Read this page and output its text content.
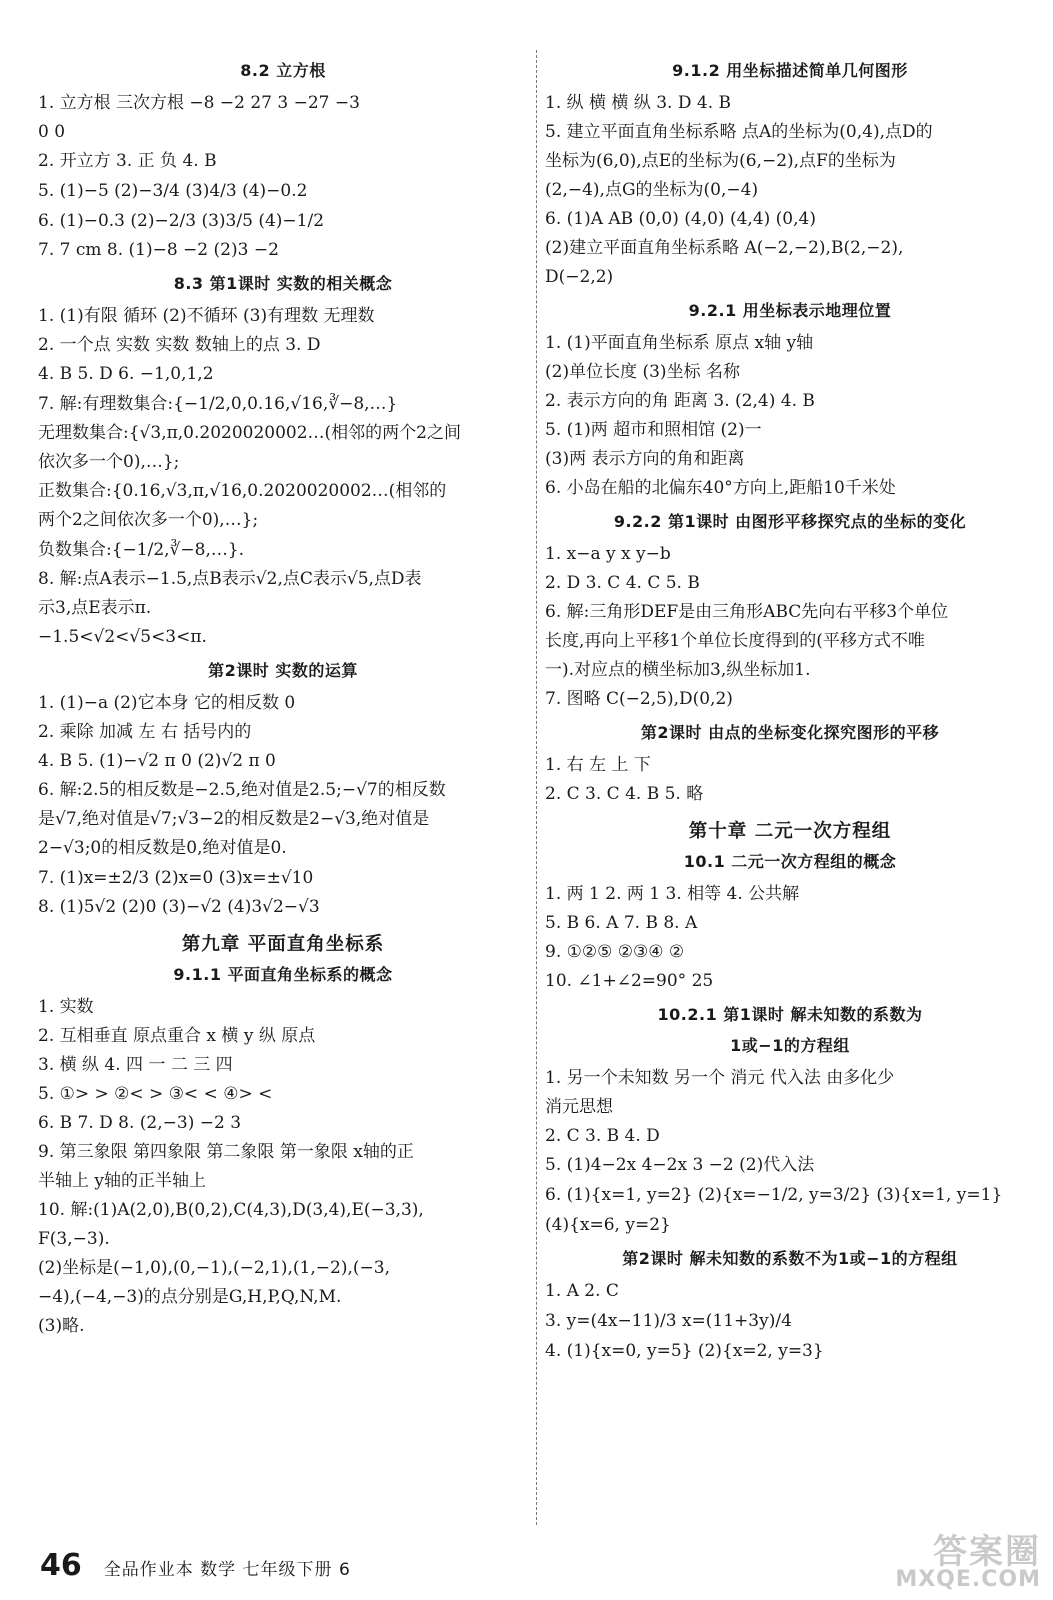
8.2 立方根
1. 立方根 三次方根 −8 −2 27 3 −27 −3
0 0
2. 开立方 3. 正 负 4. B
5. (1)−5 (2)−3/4 (3)4/3 (4)−0.2
6. (1)−0.3 (2)−2/3 (3)3/5 (4)−1/2
7. 7 cm 8. (1)−8 −2 (2)3 −2
8.3 第1课时 实数的相关概念
1. (1)有限 循环 (2)不循环 (3)有理数 无理数
2. 一个点 实数 实数 数轴上的点 3. D
4. B 5. D 6. −1,0,1,2
7. 解:有理数集合:{−1/2,0,0.16,√16,∛−8,…}
无理数集合:{√3,π,0.2020020002…(相邻的两个2之间
依次多一个0),…};
正数集合:{0.16,√3,π,√16,0.2020020002…(相邻的
两个2之间依次多一个0),…};
负数集合:{−1/2,∛−8,…}.
8. 解:点A表示−1.5,点B表示√2,点C表示√5,点D表
示3,点E表示π.
−1.5<√2<√5<3<π.
第2课时 实数的运算
1. (1)−a (2)它本身 它的相反数 0
2. 乘除 加减 左 右 括号内的
4. B 5. (1)−√2 π 0 (2)√2 π 0
6. 解:2.5的相反数是−2.5,绝对值是2.5;−√7的相反数
是√7,绝对值是√7;√3−2的相反数是2−√3,绝对值是
2−√3;0的相反数是0,绝对值是0.
7. (1)x=±2/3 (2)x=0 (3)x=±√10
8. (1)5√2 (2)0 (3)−√2 (4)3√2−√3
第九章 平面直角坐标系
9.1.1 平面直角坐标系的概念
1. 实数
2. 互相垂直 原点重合 x 横 y 纵 原点
3. 横 纵 4. 四 一 二 三 四
5. ①> > ②< > ③< < ④> <
6. B 7. D 8. (2,−3) −2 3
9. 第三象限 第四象限 第二象限 第一象限 x轴的正
半轴上 y轴的正半轴上
10. 解:(1)A(2,0),B(0,2),C(4,3),D(3,4),E(−3,3),
F(3,−3).
(2)坐标是(−1,0),(0,−1),(−2,1),(1,−2),(−3,
−4),(−4,−3)的点分别是G,H,P,Q,N,M.
(3)略.
9.1.2 用坐标描述简单几何图形
1. 纵 横 横 纵 3. D 4. B
5. 建立平面直角坐标系略 点A的坐标为(0,4),点D的
坐标为(6,0),点E的坐标为(6,−2),点F的坐标为
(2,−4),点G的坐标为(0,−4)
6. (1)A AB (0,0) (4,0) (4,4) (0,4)
(2)建立平面直角坐标系略 A(−2,−2),B(2,−2),
D(−2,2)
9.2.1 用坐标表示地理位置
1. (1)平面直角坐标系 原点 x轴 y轴
(2)单位长度 (3)坐标 名称
2. 表示方向的角 距离 3. (2,4) 4. B
5. (1)两 超市和照相馆 (2)一
(3)两 表示方向的角和距离
6. 小岛在船的北偏东40°方向上,距船10千米处
9.2.2 第1课时 由图形平移探究点的坐标的变化
1. x−a y x y−b
2. D 3. C 4. C 5. B
6. 解:三角形DEF是由三角形ABC先向右平移3个单位
长度,再向上平移1个单位长度得到的(平移方式不唯
一).对应点的横坐标加3,纵坐标加1.
7. 图略 C(−2,5),D(0,2)
第2课时 由点的坐标变化探究图形的平移
1. 右 左 上 下
2. C 3. C 4. B 5. 略
第十章 二元一次方程组
10.1 二元一次方程组的概念
1. 两 1 2. 两 1 3. 相等 4. 公共解
5. B 6. A 7. B 8. A
9. ①②⑤ ②③④ ②
10. ∠1+∠2=90° 25
10.2.1 第1课时 解未知数的系数为
1或−1的方程组
1. 另一个未知数 另一个 消元 代入法 由多化少
消元思想
2. C 3. B 4. D
5. (1)4−2x 4−2x 3 −2 (2)代入法
6. (1){x=1, y=2} (2){x=−1/2, y=3/2} (3){x=1, y=1}
(4){x=6, y=2}
第2课时 解未知数的系数不为1或−1的方程组
1. A 2. C
3. y=(4x−11)/3 x=(11+3y)/4
4. (1){x=0, y=5} (2){x=2, y=3}
46 全品作业本 数学 七年级下册 6	答案圈
MXQE.COM
